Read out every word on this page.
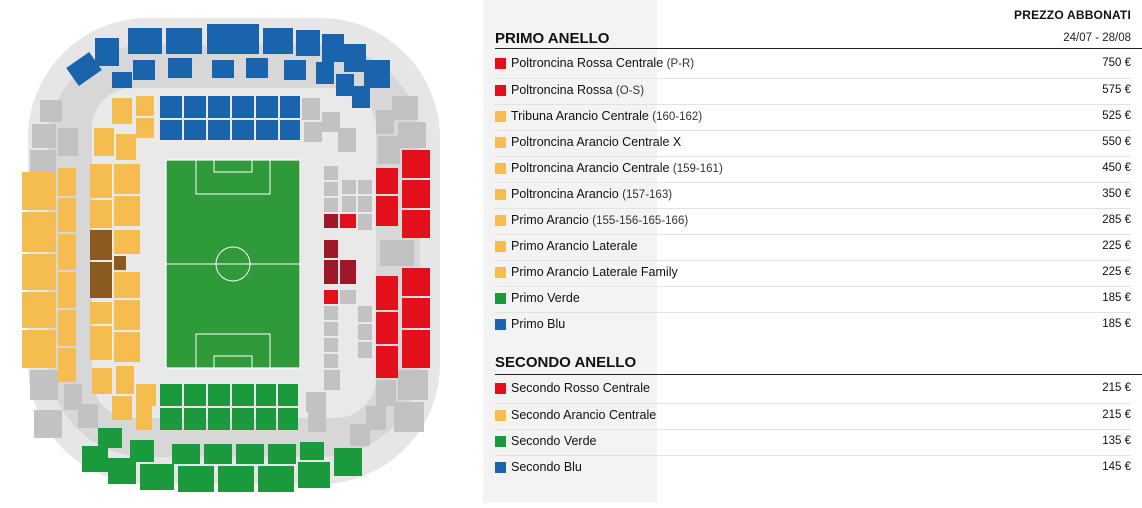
PREZZO ABBONATI
PRIMO ANELLO	24/07 - 28/08
Poltroncina Rossa Centrale (P-R)	750 €
Poltroncina Rossa (O-S)	575 €
Tribuna Arancio Centrale (160-162)	525 €
Poltroncina Arancio Centrale X	550 €
Poltroncina Arancio Centrale (159-161)	450 €
Poltroncina Arancio (157-163)	350 €
Primo Arancio (155-156-165-166)	285 €
Primo Arancio Laterale	225 €
Primo Arancio Laterale Family	225 €
Primo Verde	185 €
Primo Blu	185 €
SECONDO ANELLO
Secondo Rosso Centrale	215 €
Secondo Arancio Centrale	215 €
Secondo Verde	135 €
Secondo Blu	145 €
